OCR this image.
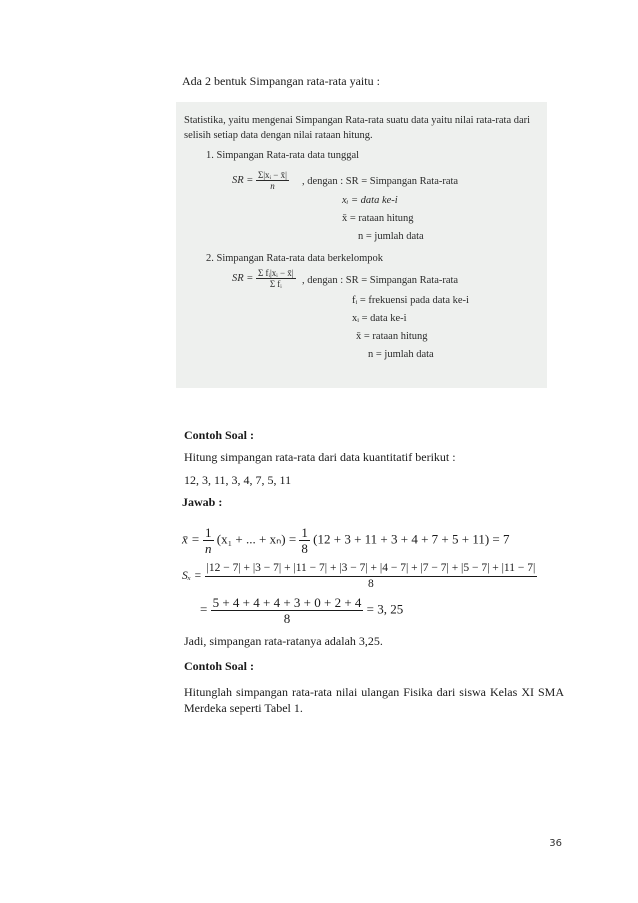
Ada 2 bentuk Simpangan rata-rata yaitu :
Statistika, yaitu mengenai Simpangan Rata-rata suatu data yaitu nilai rata-rata dari
selisih setiap data dengan nilai rataan hitung.
1. Simpangan Rata-rata data tunggal
SR = $\frac{\text{Σ|xᵢ − x̄|}}{n}$ , dengan : SR = Simpangan Rata-rata
xᵢ = data ke-i
x̄ = rataan hitung
n = jumlah data
2. Simpangan Rata-rata data berkelompok
SR = $\frac{\text{Σ fᵢ|xᵢ − x̄|}}{\text{Σ fᵢ}}$ , dengan : SR = Simpangan Rata-rata
fᵢ = frekuensi pada data ke-i
xᵢ = data ke-i
x̄ = rataan hitung
n = jumlah data
Contoh Soal :
Hitung simpangan rata-rata dari data kuantitatif berikut :
12, 3, 11, 3, 4, 7, 5, 11
Jawab :
x̄ = $\frac{1}{n} (x_1$ + ... + $x_n) = \frac{1}{8} (12 + 3 + 11 + 3 + 4 + 7 + 5 + 11) = 7$
Sₓ =
|12 − 7| + |3 − 7| + |11 − 7| + |3 − 7| + |4 − 7| + |7 − 7| + |5 − 7| + |11 − 7|
8
= $\frac{5 + 4 + 4 + 4 + 3 + 0 + 2 + 4}{8} = 3$, 25
Jadi, simpangan rata-ratanya adalah 3,25.
Contoh Soal :
Hitunglah simpangan rata-rata nilai ulangan Fisika dari siswa Kelas XI SMA
Merdeka seperti Tabel 1.
36
